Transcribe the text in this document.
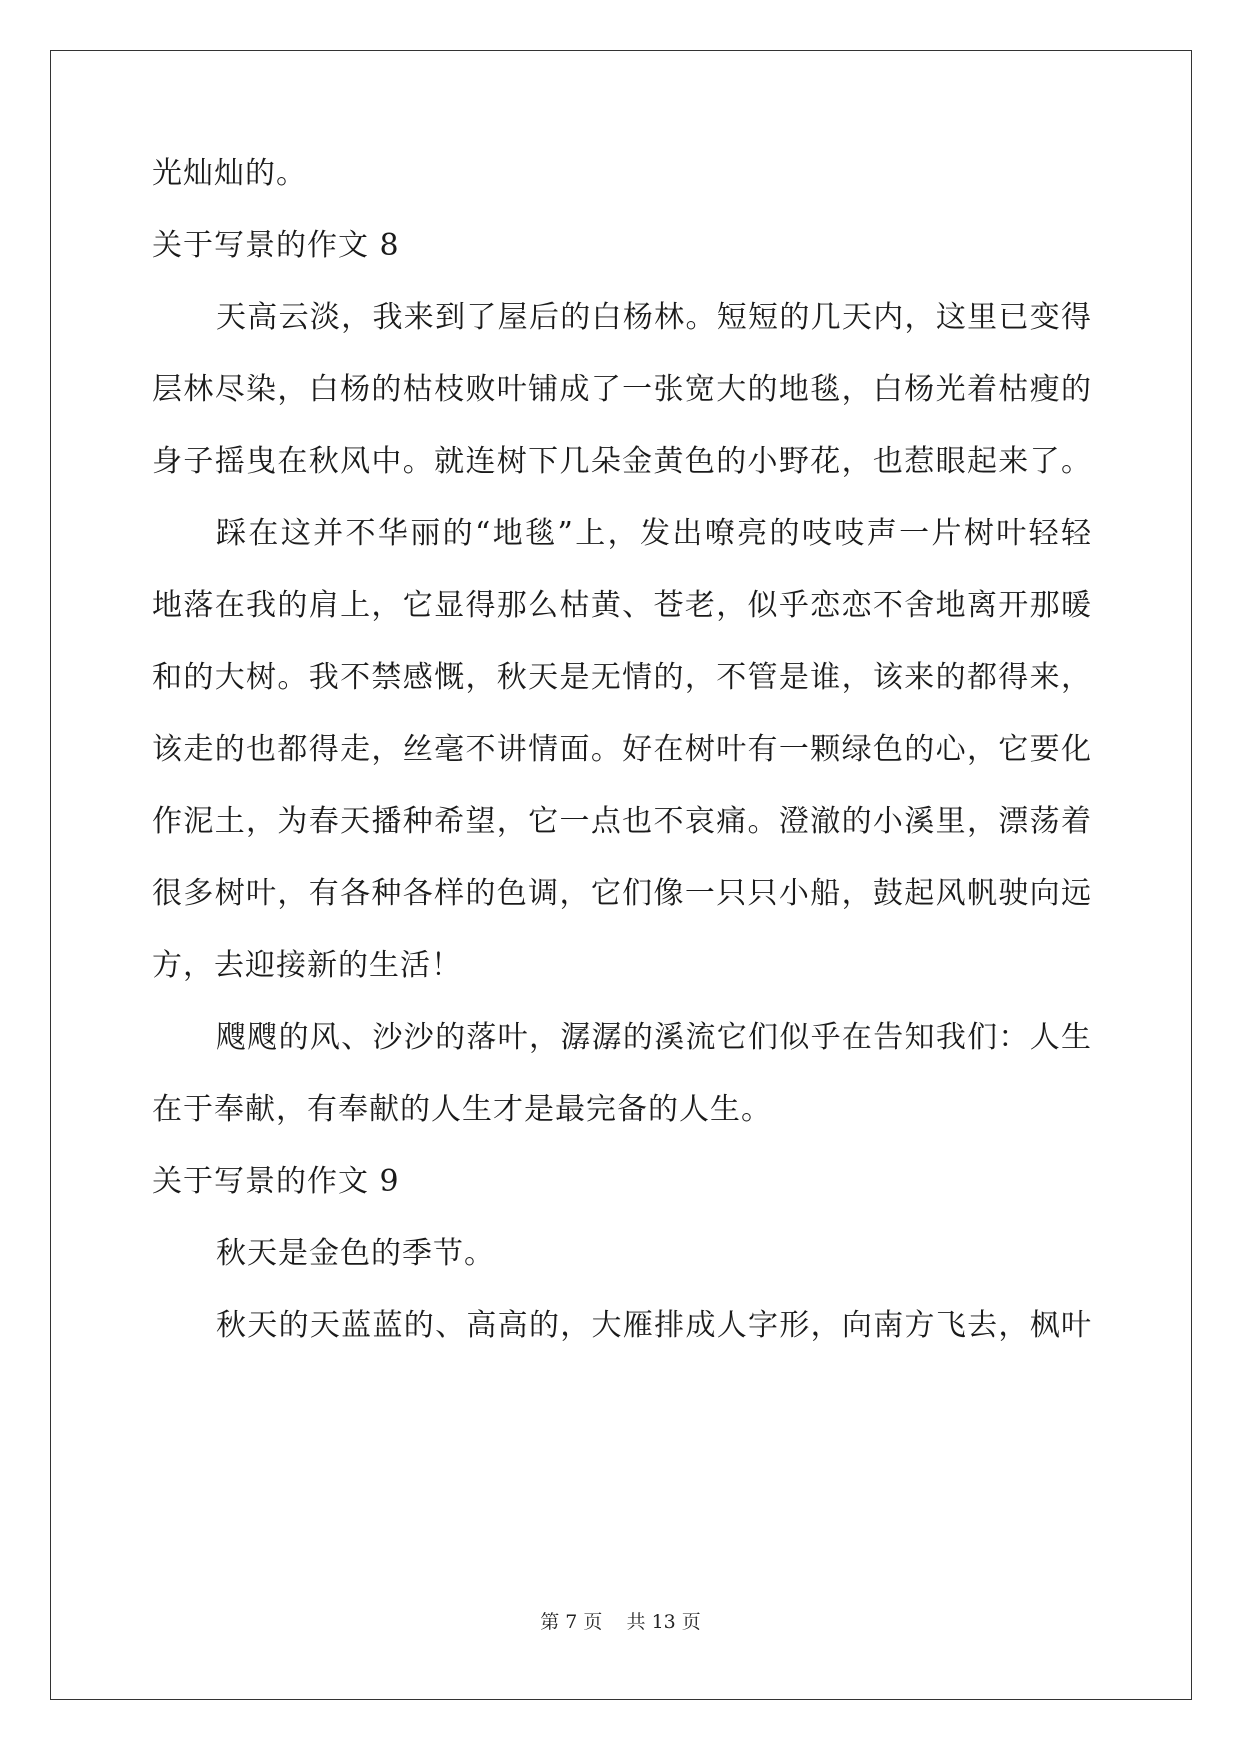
光灿灿的。
关于写景的作文 8
天高云淡，我来到了屋后的白杨林。短短的几天内，这里已变得
层林尽染，白杨的枯枝败叶铺成了一张宽大的地毯，白杨光着枯瘦的
身子摇曳在秋风中。就连树下几朵金黄色的小野花，也惹眼起来了。
踩在这并不华丽的“地毯”上，发出嘹亮的吱吱声一片树叶轻轻
地落在我的肩上，它显得那么枯黄、苍老，似乎恋恋不舍地离开那暖
和的大树。我不禁感慨，秋天是无情的，不管是谁，该来的都得来，
该走的也都得走，丝毫不讲情面。好在树叶有一颗绿色的心，它要化
作泥土，为春天播种希望，它一点也不哀痛。澄澈的小溪里，漂荡着
很多树叶，有各种各样的色调，它们像一只只小船，鼓起风帆驶向远
方，去迎接新的生活！
飕飕的风、沙沙的落叶，潺潺的溪流它们似乎在告知我们：人生
在于奉献，有奉献的人生才是最完备的人生。
关于写景的作文 9
秋天是金色的季节。
秋天的天蓝蓝的、高高的，大雁排成人字形，向南方飞去，枫叶
第 7 页    共 13 页
